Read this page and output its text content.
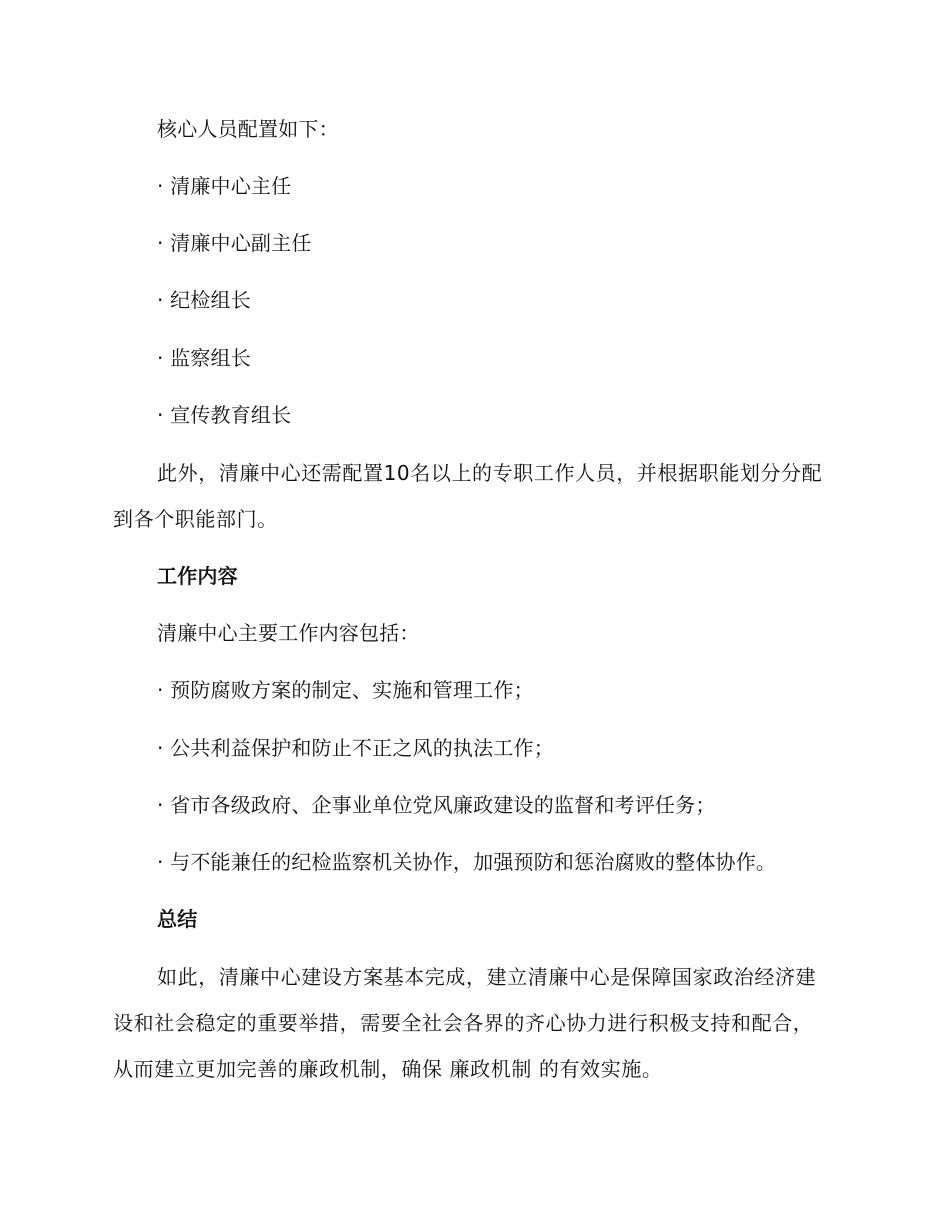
核心人员配置如下：
· 清廉中心主任
· 清廉中心副主任
· 纪检组长
· 监察组长
· 宣传教育组长
此外，清廉中心还需配置10名以上的专职工作人员，并根据职能划分分配到各个职能部门。
工作内容
清廉中心主要工作内容包括：
· 预防腐败方案的制定、实施和管理工作；
· 公共利益保护和防止不正之风的执法工作；
· 省市各级政府、企事业单位党风廉政建设的监督和考评任务；
· 与不能兼任的纪检监察机关协作，加强预防和惩治腐败的整体协作。
总结
如此，清廉中心建设方案基本完成，建立清廉中心是保障国家政治经济建设和社会稳定的重要举措，需要全社会各界的齐心协力进行积极支持和配合，从而建立更加完善的廉政机制，确保 廉政机制 的有效实施。
